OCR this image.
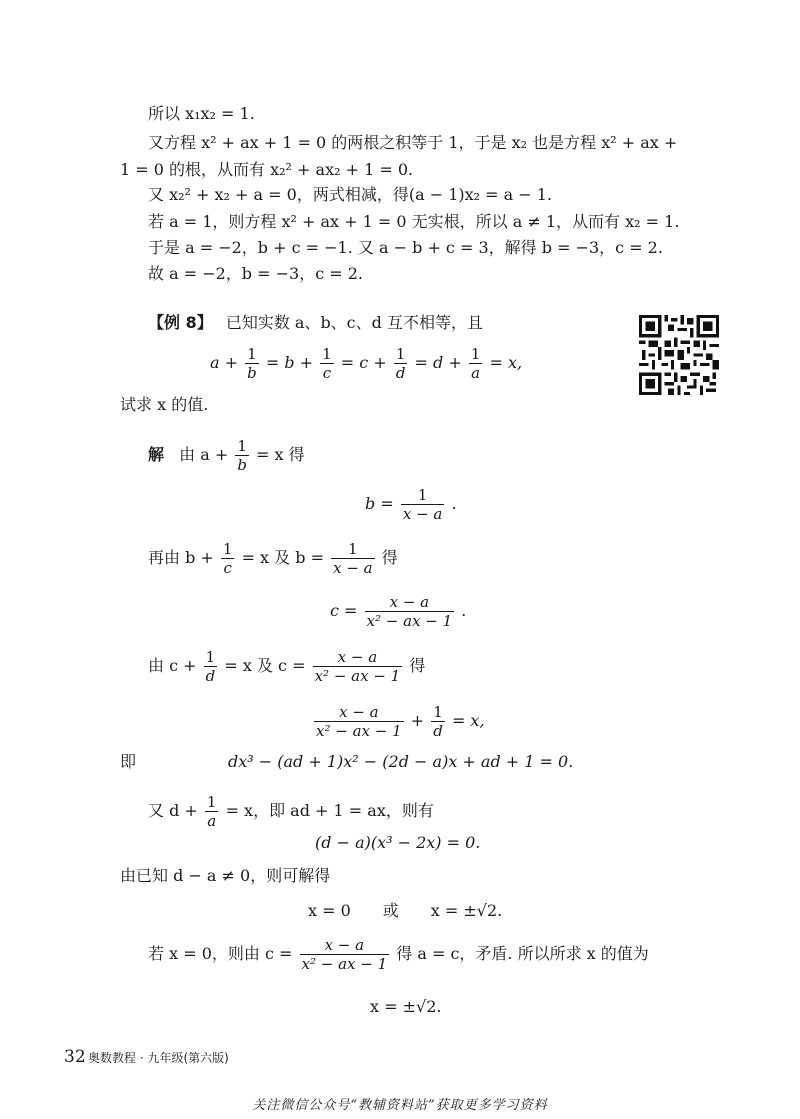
所以 x₁x₂ = 1.
又方程 x² + ax + 1 = 0 的两根之积等于 1，于是 x₂ 也是方程 x² + ax +
1 = 0 的根，从而有 x₂² + ax₂ + 1 = 0.
又 x₂² + x₂ + a = 0，两式相减，得(a − 1)x₂ = a − 1.
若 a = 1，则方程 x² + ax + 1 = 0 无实根，所以 a ≠ 1，从而有 x₂ = 1.
于是 a = −2，b + c = −1. 又 a − b + c = 3，解得 b = −3，c = 2.
故 a = −2，b = −3，c = 2.
【例 8】 已知实数 a、b、c、d 互不相等，且
$a + \frac{1}{b} = b + \frac{1}{c} = c + \frac{1}{d} = d + \frac{1}{a} = x$,
试求 x 的值.
解 由 $a + \frac{1}{b} = x$ 得
$b = \frac{1}{x - a}$ .
再由 $b + \frac{1}{c} = x$ 及 $b = \frac{1}{x - a}$ 得
$c = \frac{x - a}{\text{x² − ax − 1}}$ .
由 $c + \frac{1}{d} = x$ 及 $c = \frac{x - a}{\text{x² − ax − 1}}$ 得
$\frac{x - a}{\text{x² − ax − 1}} + \frac{1}{d} = x$,
即	dx³ − (ad + 1)x² − (2d − a)x + ad + 1 = 0.
又 $d + \frac{1}{a} = x$，即 ad + 1 = ax，则有
(d − a)(x³ − 2x) = 0.
由已知 d − a ≠ 0，则可解得
x = 0　　或　　x = ±√2.
若 x = 0，则由 $c = \frac{x - a}{\text{x² − ax − 1}}$ 得 a = c，矛盾. 所以所求 x 的值为
x = ±√2.
32 奥数教程 · 九年级(第六版)
关注微信公众号“教辅资料站”获取更多学习资料
